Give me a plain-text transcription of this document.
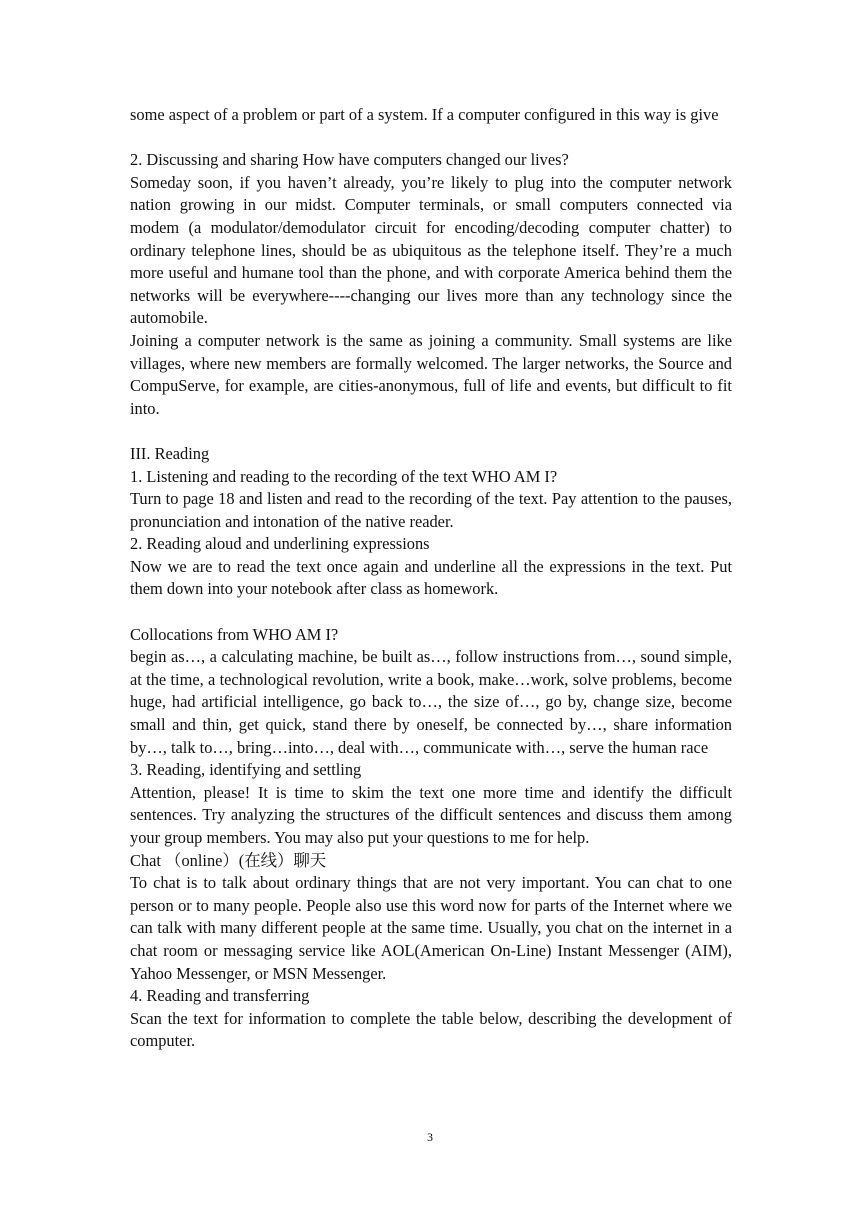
some aspect of a problem or part of a system. If a computer configured in this way is give

2. Discussing and sharing How have computers changed our lives?

Someday soon, if you haven’t already, you’re likely to plug into the computer network nation growing in our midst. Computer terminals, or small computers connected via modem (a modulator/demodulator circuit for encoding/decoding computer chatter) to ordinary telephone lines, should be as ubiquitous as the telephone itself. They’re a much more useful and humane tool than the phone, and with corporate America behind them the networks will be everywhere----changing our lives more than any technology since the automobile.

Joining a computer network is the same as joining a community. Small systems are like villages, where new members are formally welcomed. The larger networks, the Source and CompuServe, for example, are cities-anonymous, full of life and events, but difficult to fit into.

III. Reading

1. Listening and reading to the recording of the text WHO AM I?

Turn to page 18 and listen and read to the recording of the text. Pay attention to the pauses, pronunciation and intonation of the native reader.

2. Reading aloud and underlining expressions

Now we are to read the text once again and underline all the expressions in the text. Put them down into your notebook after class as homework.

Collocations from WHO AM I?

begin as…, a calculating machine, be built as…, follow instructions from…, sound simple, at the time, a technological revolution, write a book, make…work, solve problems, become huge, had artificial intelligence, go back to…, the size of…, go by, change size, become small and thin, get quick, stand there by oneself, be connected by…, share information by…, talk to…, bring…into…, deal with…, communicate with…, serve the human race

3. Reading, identifying and settling

Attention, please! It is time to skim the text one more time and identify the difficult sentences. Try analyzing the structures of the difficult sentences and discuss them among your group members. You may also put your questions to me for help.

Chat （online）(在线）聊天

To chat is to talk about ordinary things that are not very important. You can chat to one person or to many people. People also use this word now for parts of the Internet where we can talk with many different people at the same time. Usually, you chat on the internet in a chat room or messaging service like AOL(American On-Line) Instant Messenger (AIM), Yahoo Messenger, or MSN Messenger.

4. Reading and transferring

Scan the text for information to complete the table below, describing the development of computer.

3
